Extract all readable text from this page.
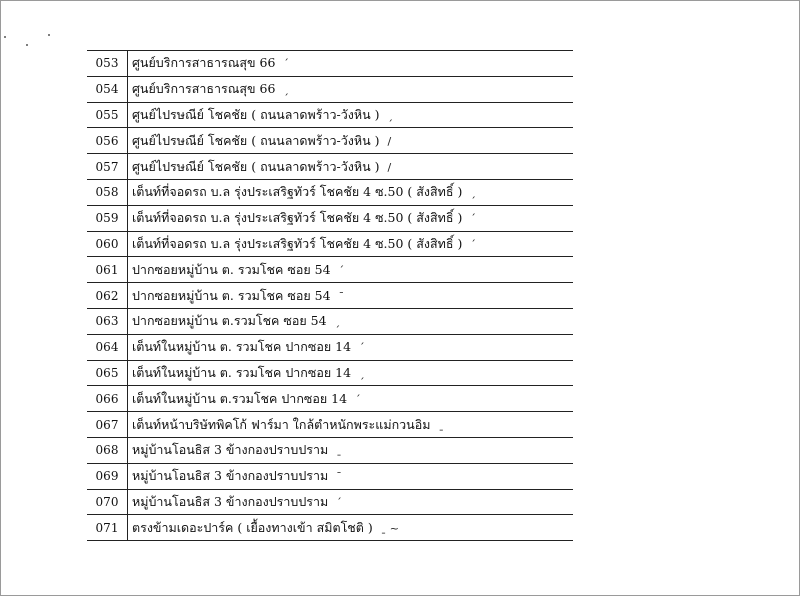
053	ศูนย์บริการสาธารณสุข 66 ˊ
054	ศูนย์บริการสาธารณสุข 66 ˏ
055	ศูนย์ไปรษณีย์ โชคชัย ( ถนนลาดพร้าว-วังหิน ) ˏ
056	ศูนย์ไปรษณีย์ โชคชัย ( ถนนลาดพร้าว-วังหิน ) /
057	ศูนย์ไปรษณีย์ โชคชัย ( ถนนลาดพร้าว-วังหิน ) /
058	เต็นท์ที่จอดรถ บ.ล รุ่งประเสริฐทัวร์ โชคชัย 4 ซ.50 ( สังสิทธิ์ ) ˏ
059	เต็นท์ที่จอดรถ บ.ล รุ่งประเสริฐทัวร์ โชคชัย 4 ซ.50 ( สังสิทธิ์ ) ˊ
060	เต็นท์ที่จอดรถ บ.ล รุ่งประเสริฐทัวร์ โชคชัย 4 ซ.50 ( สังสิทธิ์ ) ˊ
061	ปากซอยหมู่บ้าน ต. รวมโชค ซอย 54 ˊ
062	ปากซอยหมู่บ้าน ต. รวมโชค ซอย 54 ˉ
063	ปากซอยหมู่บ้าน ต.รวมโชค ซอย 54 ˏ
064	เต็นท์ในหมู่บ้าน ต. รวมโชค ปากซอย 14 ˊ
065	เต็นท์ในหมู่บ้าน ต. รวมโชค ปากซอย 14 ˏ
066	เต็นท์ในหมู่บ้าน ต.รวมโชค ปากซอย 14 ˊ
067	เต็นท์หน้าบริษัทพิคโก้ ฟาร์มา ใกล้ตำหนักพระแม่กวนอิม ˍ
068	หมู่บ้านโอนธิส 3 ข้างกองปราบปราม ˍ
069	หมู่บ้านโอนธิส 3 ข้างกองปราบปราม ˉ
070	หมู่บ้านโอนธิส 3 ข้างกองปราบปราม ˊ
071	ตรงข้ามเดอะปาร์ค ( เยื้องทางเข้า สมิตโชติ ) ˍ ~
